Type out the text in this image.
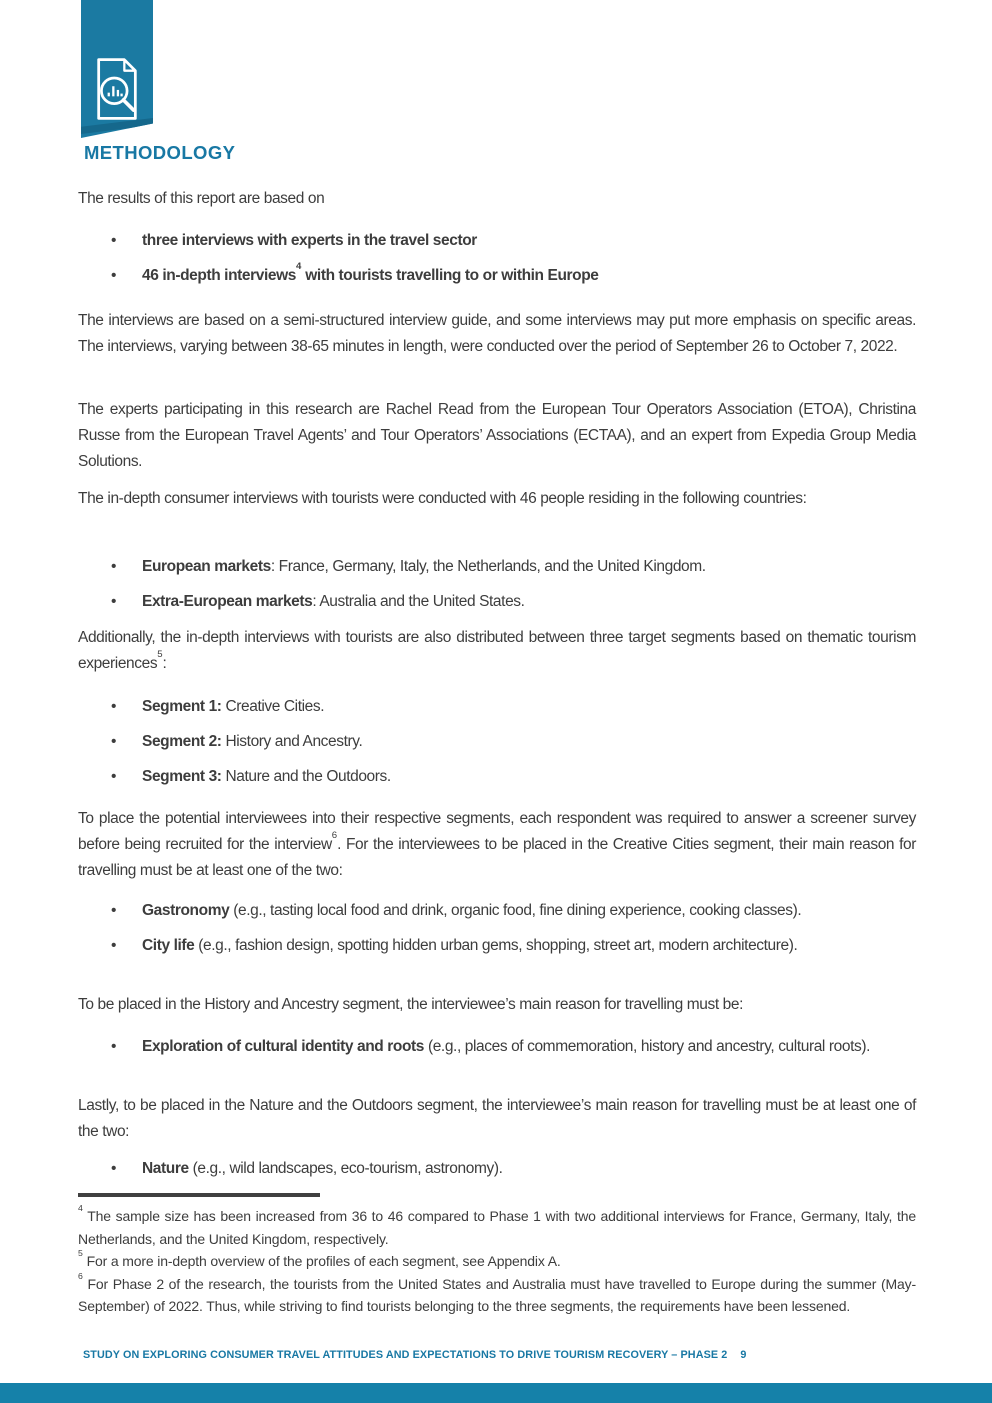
METHODOLOGY

The results of this report are based on

• three interviews with experts in the travel sector
• 46 in-depth interviews$^4$ with tourists travelling to or within Europe

The interviews are based on a semi-structured interview guide, and some interviews may put more emphasis on specific areas. The interviews, varying between 38-65 minutes in length, were conducted over the period of September 26 to October 7, 2022.

The experts participating in this research are Rachel Read from the European Tour Operators Association (ETOA), Christina Russe from the European Travel Agents’ and Tour Operators’ Associations (ECTAA), and an expert from Expedia Group Media Solutions.

The in-depth consumer interviews with tourists were conducted with 46 people residing in the following countries:

• European markets: France, Germany, Italy, the Netherlands, and the United Kingdom.
• Extra-European markets: Australia and the United States.

Additionally, the in-depth interviews with tourists are also distributed between three target segments based on thematic tourism experiences$^5$:

• Segment 1: Creative Cities.
• Segment 2: History and Ancestry.
• Segment 3: Nature and the Outdoors.

To place the potential interviewees into their respective segments, each respondent was required to answer a screener survey before being recruited for the interview$^6$. For the interviewees to be placed in the Creative Cities segment, their main reason for travelling must be at least one of the two:

• Gastronomy (e.g., tasting local food and drink, organic food, fine dining experience, cooking classes).
• City life (e.g., fashion design, spotting hidden urban gems, shopping, street art, modern architecture).

To be placed in the History and Ancestry segment, the interviewee’s main reason for travelling must be:

• Exploration of cultural identity and roots (e.g., places of commemoration, history and ancestry, cultural roots).

Lastly, to be placed in the Nature and the Outdoors segment, the interviewee’s main reason for travelling must be at least one of the two:

• Nature (e.g., wild landscapes, eco-tourism, astronomy).

$^4$ The sample size has been increased from 36 to 46 compared to Phase 1 with two additional interviews for France, Germany, Italy, the Netherlands, and the United Kingdom, respectively.

$^5$ For a more in-depth overview of the profiles of each segment, see Appendix A.

$^6$ For Phase 2 of the research, the tourists from the United States and Australia must have travelled to Europe during the summer (May-September) of 2022. Thus, while striving to find tourists belonging to the three segments, the requirements have been lessened.

STUDY ON EXPLORING CONSUMER TRAVEL ATTITUDES AND EXPECTATIONS TO DRIVE TOURISM RECOVERY – PHASE 2 9
